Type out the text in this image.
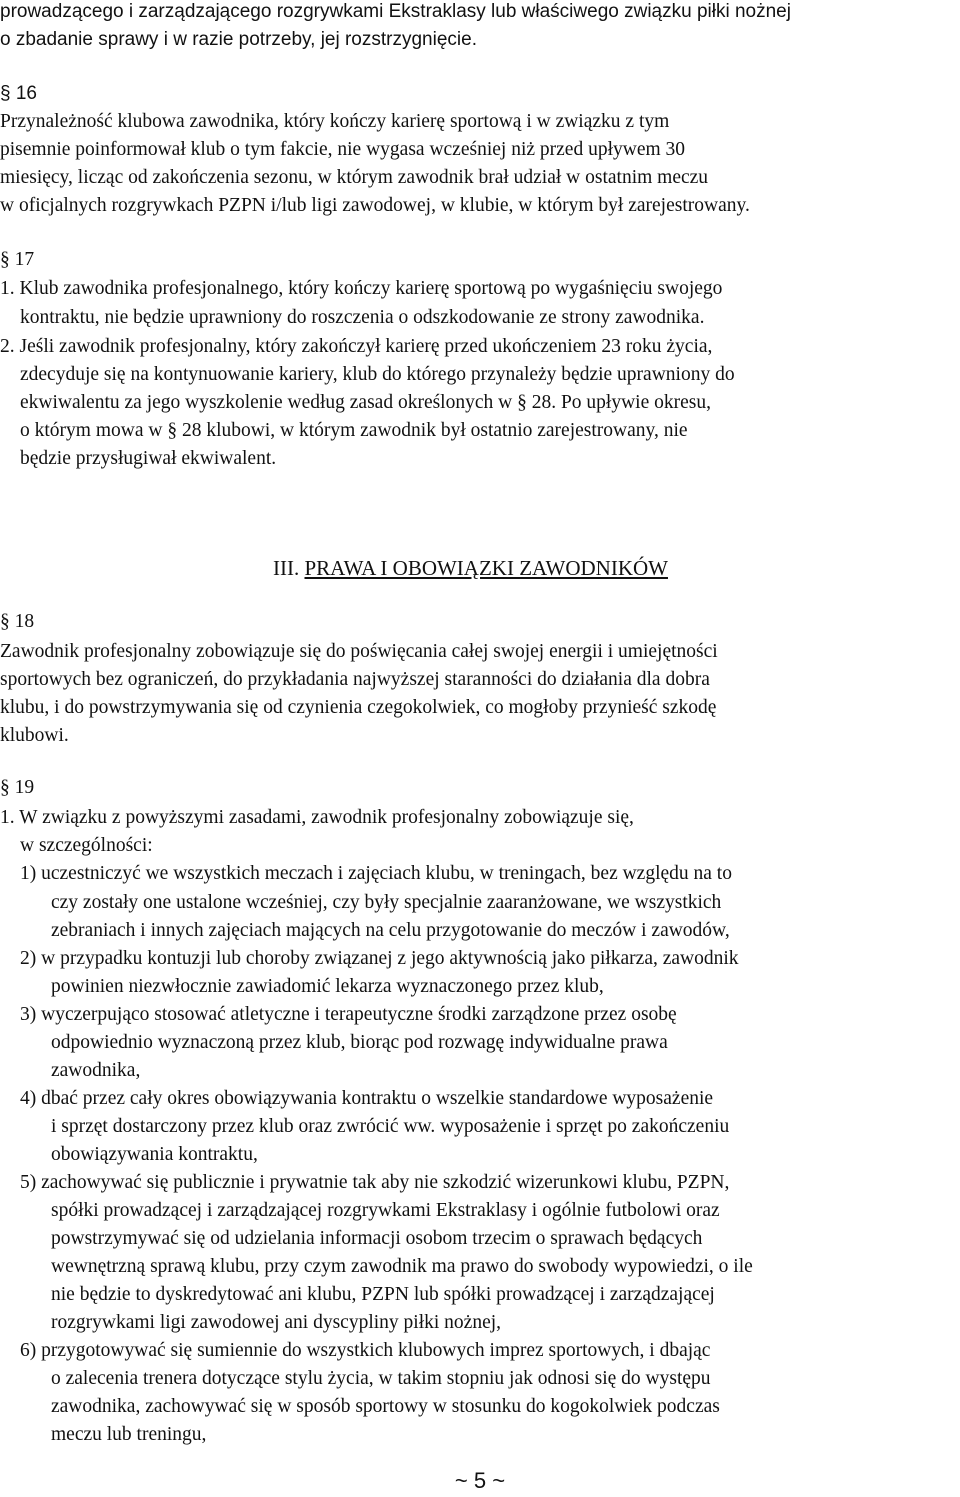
prowadzącego i zarządzającego rozgrywkami Ekstraklasy lub właściwego związku piłki nożnej
o zbadanie sprawy i w razie potrzeby, jej rozstrzygnięcie.
§ 16
Przynależność klubowa zawodnika, który kończy karierę sportową i w związku z tym
pisemnie poinformował klub o tym fakcie, nie wygasa wcześniej niż przed upływem 30
miesięcy, licząc od zakończenia sezonu, w którym zawodnik brał udział w ostatnim meczu
w oficjalnych rozgrywkach PZPN i/lub ligi zawodowej, w klubie, w którym był zarejestrowany.
§ 17
1. Klub zawodnika profesjonalnego, który kończy karierę sportową po wygaśnięciu swojego
kontraktu, nie będzie uprawniony do roszczenia o odszkodowanie ze strony zawodnika.
2. Jeśli zawodnik profesjonalny, który zakończył karierę przed ukończeniem 23 roku życia,
zdecyduje się na kontynuowanie kariery, klub do którego przynależy będzie uprawniony do
ekwiwalentu za jego wyszkolenie według zasad określonych w § 28. Po upływie okresu,
o którym mowa w § 28 klubowi, w którym zawodnik był ostatnio zarejestrowany, nie
będzie przysługiwał ekwiwalent.
III. PRAWA I OBOWIĄZKI ZAWODNIKÓW
§ 18
Zawodnik profesjonalny zobowiązuje się do poświęcania całej swojej energii i umiejętności
sportowych bez ograniczeń, do przykładania najwyższej staranności do działania dla dobra
klubu, i do powstrzymywania się od czynienia czegokolwiek, co mogłoby przynieść szkodę
klubowi.
§ 19
1. W związku z powyższymi zasadami, zawodnik profesjonalny zobowiązuje się,
w szczególności:
1) uczestniczyć we wszystkich meczach i zajęciach klubu, w treningach, bez względu na to
czy zostały one ustalone wcześniej, czy były specjalnie zaaranżowane, we wszystkich
zebraniach i innych zajęciach mających na celu przygotowanie do meczów i zawodów,
2) w przypadku kontuzji lub choroby związanej z jego aktywnością jako piłkarza, zawodnik
powinien niezwłocznie zawiadomić lekarza wyznaczonego przez klub,
3) wyczerpująco stosować atletyczne i terapeutyczne środki zarządzone przez osobę
odpowiednio wyznaczoną przez klub, biorąc pod rozwagę indywidualne prawa
zawodnika,
4) dbać przez cały okres obowiązywania kontraktu o wszelkie standardowe wyposażenie
i sprzęt dostarczony przez klub oraz zwrócić ww. wyposażenie i sprzęt po zakończeniu
obowiązywania kontraktu,
5) zachowywać się publicznie i prywatnie tak aby nie szkodzić wizerunkowi klubu, PZPN,
spółki prowadzącej i zarządzającej rozgrywkami Ekstraklasy i ogólnie futbolowi oraz
powstrzymywać się od udzielania informacji osobom trzecim o sprawach będących
wewnętrzną sprawą klubu, przy czym zawodnik ma prawo do swobody wypowiedzi, o ile
nie będzie to dyskredytować ani klubu, PZPN lub spółki prowadzącej i zarządzającej
rozgrywkami ligi zawodowej ani dyscypliny piłki nożnej,
6) przygotowywać się sumiennie do wszystkich klubowych imprez sportowych, i dbając
o zalecenia trenera dotyczące stylu życia, w takim stopniu jak odnosi się do występu
zawodnika, zachowywać się w sposób sportowy w stosunku do kogokolwiek podczas
meczu lub treningu,
~ 5 ~
